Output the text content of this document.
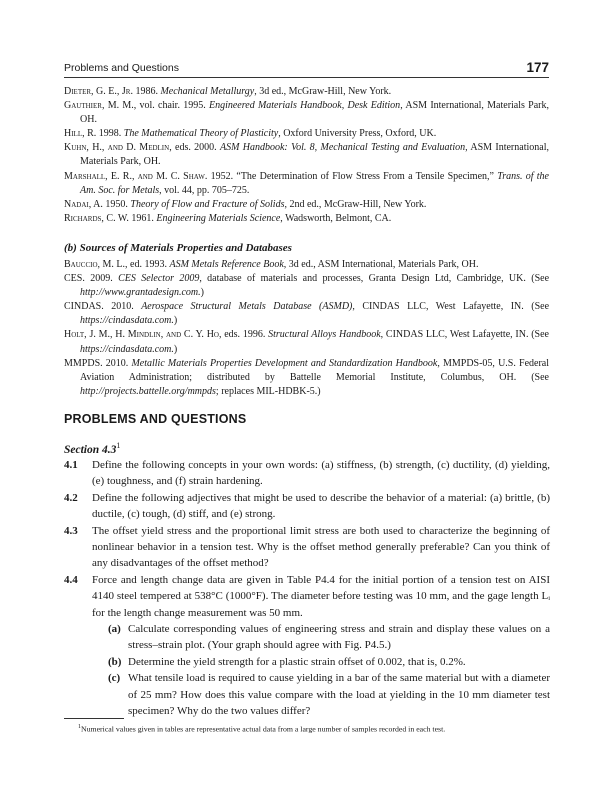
Problems and Questions	177
Dieter, G. E., Jr. 1986. Mechanical Metallurgy, 3d ed., McGraw-Hill, New York.
Gauthier, M. M., vol. chair. 1995. Engineered Materials Handbook, Desk Edition, ASM International, Materials Park, OH.
Hill, R. 1998. The Mathematical Theory of Plasticity, Oxford University Press, Oxford, UK.
Kuhn, H., and D. Medlin, eds. 2000. ASM Handbook: Vol. 8, Mechanical Testing and Evaluation, ASM International, Materials Park, OH.
Marshall, E. R., and M. C. Shaw. 1952. “The Determination of Flow Stress From a Tensile Specimen,” Trans. of the Am. Soc. for Metals, vol. 44, pp. 705–725.
Nadai, A. 1950. Theory of Flow and Fracture of Solids, 2nd ed., McGraw-Hill, New York.
Richards, C. W. 1961. Engineering Materials Science, Wadsworth, Belmont, CA.
(b) Sources of Materials Properties and Databases
Bauccio, M. L., ed. 1993. ASM Metals Reference Book, 3d ed., ASM International, Materials Park, OH.
CES. 2009. CES Selector 2009, database of materials and processes, Granta Design Ltd, Cambridge, UK. (See http://www.grantadesign.com.)
CINDAS. 2010. Aerospace Structural Metals Database (ASMD), CINDAS LLC, West Lafayette, IN. (See https://cindasdata.com.)
Holt, J. M., H. Mindlin, and C. Y. Ho, eds. 1996. Structural Alloys Handbook, CINDAS LLC, West Lafayette, IN. (See https://cindasdata.com.)
MMPDS. 2010. Metallic Materials Properties Development and Standardization Handbook, MMPDS-05, U.S. Federal Aviation Administration; distributed by Battelle Memorial Institute, Columbus, OH. (See http://projects.battelle.org/mmpds; replaces MIL-HDBK-5.)
PROBLEMS AND QUESTIONS
Section $4.3^1$
4.1 Define the following concepts in your own words: (a) stiffness, (b) strength, (c) ductility, (d) yielding, (e) toughness, and (f) strain hardening.
4.2 Define the following adjectives that might be used to describe the behavior of a material: (a) brittle, (b) ductile, (c) tough, (d) stiff, and (e) strong.
4.3 The offset yield stress and the proportional limit stress are both used to characterize the beginning of nonlinear behavior in a tension test. Why is the offset method generally preferable? Can you think of any disadvantages of the offset method?
4.4 Force and length change data are given in Table P4.4 for the initial portion of a tension test on AISI 4140 steel tempered at 538°C (1000°F). The diameter before testing was 10 mm, and the gage length Lᵢ for the length change measurement was 50 mm.
(a) Calculate corresponding values of engineering stress and strain and display these values on a stress–strain plot. (Your graph should agree with Fig. P4.5.)
(b) Determine the yield strength for a plastic strain offset of 0.002, that is, 0.2%.
(c) What tensile load is required to cause yielding in a bar of the same material but with a diameter of 25 mm? How does this value compare with the load at yielding in the 10 mm diameter test specimen? Why do the two values differ?

$^1$Numerical values given in tables are representative actual data from a large number of samples recorded in each test.
